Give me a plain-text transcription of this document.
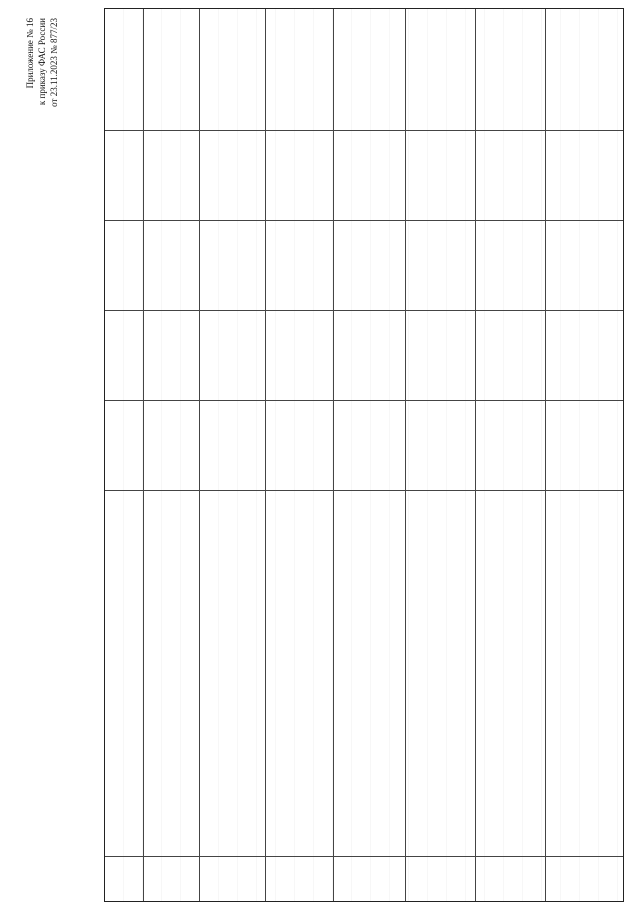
Приложение № 16 к приказу ФАС России от 23.11.2023 № 877/23
